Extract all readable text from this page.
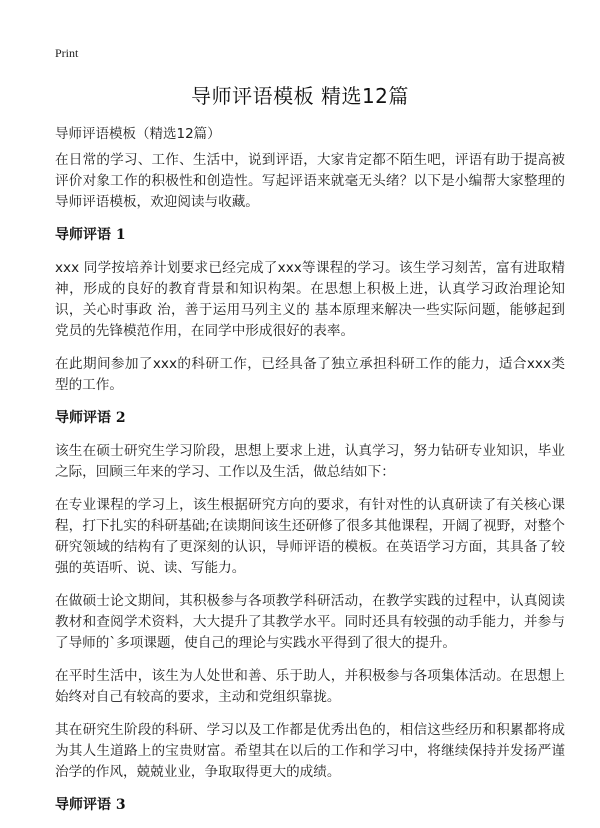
Print
导师评语模板 精选12篇
导师评语模板（精选12篇）

在日常的学习、工作、生活中，说到评语，大家肯定都不陌生吧，评语有助于提高被评价对象工作的积极性和创造性。写起评语来就毫无头绪？以下是小编帮大家整理的导师评语模板，欢迎阅读与收藏。

导师评语 1

xxx 同学按培养计划要求已经完成了xxx等课程的学习。该生学习刻苦，富有进取精神，形成的良好的教育背景和知识构架。在思想上积极上进，认真学习政治理论知识，关心时事政 治，善于运用马列主义的 基本原理来解决一些实际问题，能够起到党员的先锋模范作用，在同学中形成很好的表率。

在此期间参加了xxx的科研工作，已经具备了独立承担科研工作的能力，适合xxx类型的工作。

导师评语 2

该生在硕士研究生学习阶段，思想上要求上进，认真学习，努力钻研专业知识，毕业之际，回顾三年来的学习、工作以及生活，做总结如下：

在专业课程的学习上，该生根据研究方向的要求，有针对性的认真研读了有关核心课程，打下扎实的科研基础;在读期间该生还研修了很多其他课程，开阔了视野，对整个研究领域的结构有了更深刻的认识，导师评语的模板。在英语学习方面，其具备了较强的英语听、说、读、写能力。

在做硕士论文期间，其积极参与各项教学科研活动，在教学实践的过程中，认真阅读教材和查阅学术资料，大大提升了其教学水平。同时还具有较强的动手能力，并参与了导师的`多项课题，使自己的理论与实践水平得到了很大的提升。

在平时生活中，该生为人处世和善、乐于助人，并积极参与各项集体活动。在思想上始终对自己有较高的要求，主动和党组织靠拢。

其在研究生阶段的科研、学习以及工作都是优秀出色的，相信这些经历和积累都将成为其人生道路上的宝贵财富。希望其在以后的工作和学习中，将继续保持并发扬严谨治学的作风，兢兢业业，争取取得更大的成绩。

导师评语 3
